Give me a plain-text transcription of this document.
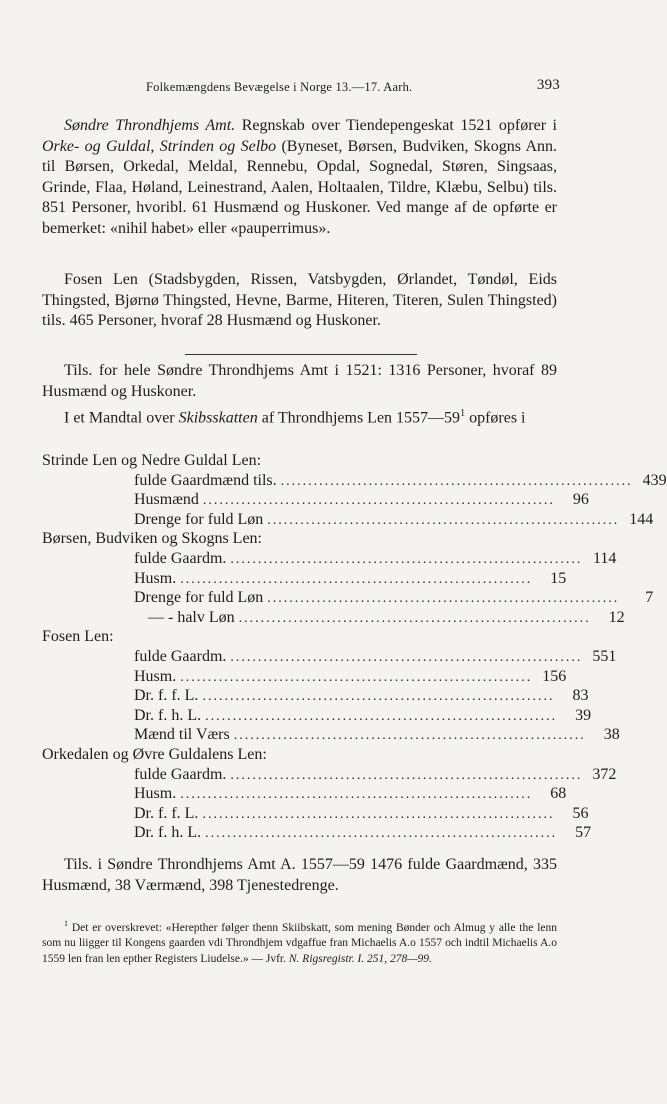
Folkemængdens Bevægelse i Norge 13.—17. Aarh.	393

Søndre Throndhjems Amt. Regnskab over Tiendepengeskat 1521 opfører i Orke- og Guldal, Strinden og Selbo (Byneset, Børsen, Budviken, Skogns Ann. til Børsen, Orkedal, Meldal, Rennebu, Opdal, Sognedal, Støren, Singsaas, Grinde, Flaa, Høland, Leinestrand, Aalen, Holtaalen, Tildre, Klæbu, Selbu) tils. 851 Personer, hvoribl. 61 Husmænd og Huskoner. Ved mange af de opførte er bemerket: «nihil habet» eller «pauperrimus».

Fosen Len (Stadsbygden, Rissen, Vatsbygden, Ørlandet, Tøndøl, Eids Thingsted, Bjørnø Thingsted, Hevne, Barme, Hiteren, Titeren, Sulen Thingsted) tils. 465 Personer, hvoraf 28 Husmænd og Huskoner.

Tils. for hele Søndre Throndhjems Amt i 1521: 1316 Personer, hvoraf 89 Husmænd og Huskoner.

I et Mandtal over Skibsskatten af Throndhjems Len $1557—59^1$ opføres i

Strinde Len og Nedre Guldal Len:
fulde Gaardmænd tils. ................................................................ 439
Husmænd ................................................................	96
Drenge for fuld Løn ................................................................ 144
Børsen, Budviken og Skogns Len:
fulde Gaardm. ................................................................ 114
Husm. ................................................................	15
Drenge for fuld Løn ................................................................	7
— - halv Løn ................................................................	12
Fosen Len:
fulde Gaardm. ................................................................ 551
Husm. ................................................................ 156
Dr. f. f. L. ................................................................	83
Dr. f. h. L. ................................................................	39
Mænd til Værs ................................................................	38
Orkedalen og Øvre Guldalens Len:
fulde Gaardm. ................................................................ 372
Husm. ................................................................	68
Dr. f. f. L. ................................................................	56
Dr. f. h. L. ................................................................	57

Tils. i Søndre Throndhjems Amt A. 1557—59 1476 fulde Gaardmænd, 335 Husmænd, 38 Værmænd, 398 Tjenestedrenge.

$^1$ Det er overskrevet: «Herepther følger thenn Skiibskatt, som mening Bønder och Almug y alle the lenn som nu liigger til Kongens gaarden vdi Throndhjem vdgaffue fran Michaelis A.o 1557 och indtil Michaelis A.o 1559 len fran len epther Registers Liudelse.» — Jvfr. N. Rigsregistr. I. 251, 278—99.
